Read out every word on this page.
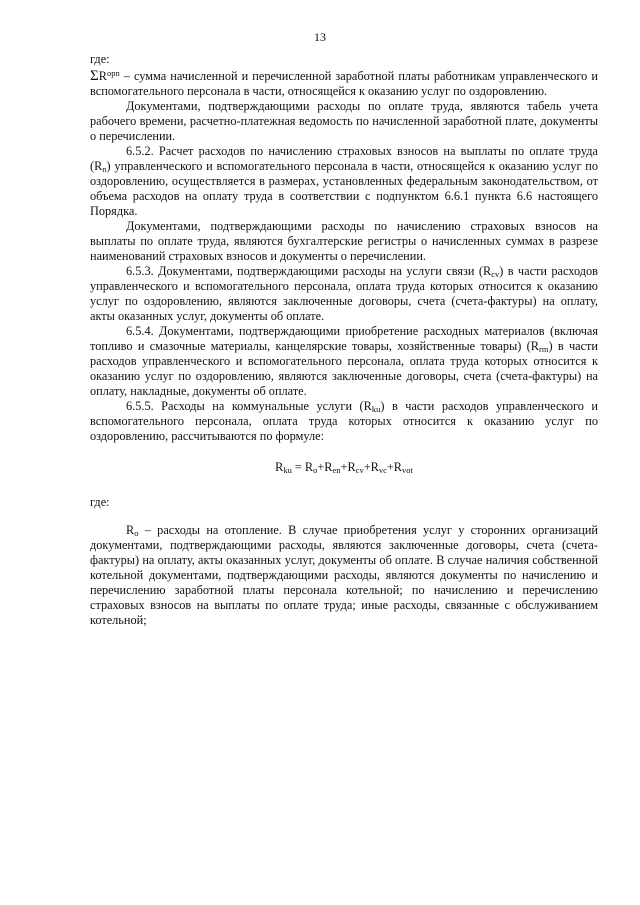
13
где:

$\Sigma R^{opn}$ – сумма начисленной и перечисленной заработной платы работникам управленческого и вспомогательного персонала в части, относящейся к оказанию услуг по оздоровлению.

Документами, подтверждающими расходы по оплате труда, являются табель учета рабочего времени, расчетно-платежная ведомость по начисленной заработной плате, документы о перечислении.

6.5.2. Расчет расходов по начислению страховых взносов на выплаты по оплате труда $(R_n)$ управленческого и вспомогательного персонала в части, относящейся к оказанию услуг по оздоровлению, осуществляется в размерах, установленных федеральным законодательством, от объема расходов на оплату труда в соответствии с подпунктом 6.6.1 пункта 6.6 настоящего Порядка.

Документами, подтверждающими расходы по начислению страховых взносов на выплаты по оплате труда, являются бухгалтерские регистры о начисленных суммах в разрезе наименований страховых взносов и документы о перечислении.

6.5.3. Документами, подтверждающими расходы на услуги связи $(R_{cv})$ в части расходов управленческого и вспомогательного персонала, оплата труда которых относится к оказанию услуг по оздоровлению, являются заключенные договоры, счета (счета-фактуры) на оплату, акты оказанных услуг, документы об оплате.

6.5.4. Документами, подтверждающими приобретение расходных материалов (включая топливо и смазочные материалы, канцелярские товары, хозяйственные товары) $(R_{rm})$ в части расходов управленческого и вспомогательного персонала, оплата труда которых относится к оказанию услуг по оздоровлению, являются заключенные договоры, счета (счета-фактуры) на оплату, накладные, документы об оплате.

6.5.5. Расходы на коммунальные услуги $(R_{ku})$ в части расходов управленческого и вспомогательного персонала, оплата труда которых относится к оказанию услуг по оздоровлению, рассчитываются по формуле:

$R_{ku} = R_o+R_{en}+R_{cv}+R_{vc}+R_{vot}$
где:

$R_o$ – расходы на отопление. В случае приобретения услуг у сторонних организаций документами, подтверждающими расходы, являются заключенные договоры, счета (счета-фактуры) на оплату, акты оказанных услуг, документы об оплате. В случае наличия собственной котельной документами, подтверждающими расходы, являются документы по начислению и перечислению заработной платы персонала котельной; по начислению и перечислению страховых взносов на выплаты по оплате труда; иные расходы, связанные с обслуживанием котельной;
